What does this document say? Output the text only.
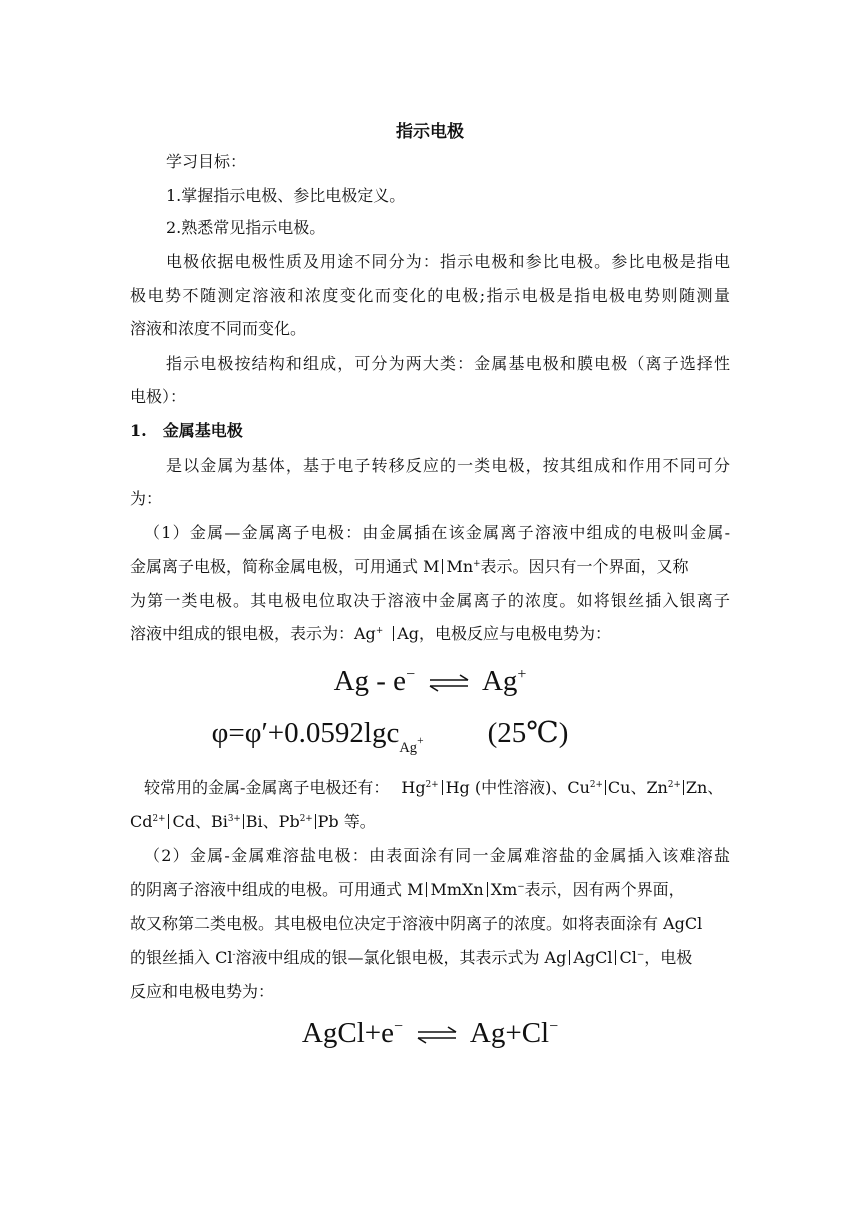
指示电极
学习目标：
1.掌握指示电极、参比电极定义。
2.熟悉常见指示电极。
电极依据电极性质及用途不同分为：指示电极和参比电极。参比电极是指电
极电势不随测定溶液和浓度变化而变化的电极;指示电极是指电极电势则随测量
溶液和浓度不同而变化。
指示电极按结构和组成，可分为两大类：金属基电极和膜电极（离子选择性
电极）：
1. 金属基电极
是以金属为基体，基于电子转移反应的一类电极，按其组成和作用不同可分
为：
（1）金属—金属离子电极：由金属插在该金属离子溶液中组成的电极叫金属-
金属离子电极，简称金属电极，可用通式 M Mn+表示。因只有一个界面，又称
为第一类电极。其电极电位取决于溶液中金属离子的浓度。如将银丝插入银离子
溶液中组成的银电极，表示为：Ag+ Ag，电极反应与电极电势为：
Ag - e− ⇌ Ag+
φ=φ′+0.0592lgc$_{Ag^+}$ (25℃)
较常用的金属-金属离子电极还有： $Hg^{2+}$ Hg (中性溶液)、$Cu^{2+}$ Cu、$Zn^{2+}$ Zn、
$Cd^{2+}$ Cd、$Bi^{3+}$ Bi、$Pb^{2+}$ Pb 等。
（2）金属-金属难溶盐电极：由表面涂有同一金属难溶盐的金属插入该难溶盐
的阴离子溶液中组成的电极。可用通式 M MmXn Xm−表示，因有两个界面，
故又称第二类电极。其电极电位决定于溶液中阴离子的浓度。如将表面涂有 AgCl
的银丝插入 Cl-溶液中组成的银—氯化银电极，其表示式为 Ag AgCl Cl−，电极
反应和电极电势为：
AgCl+e− ⇌ Ag+Cl−
